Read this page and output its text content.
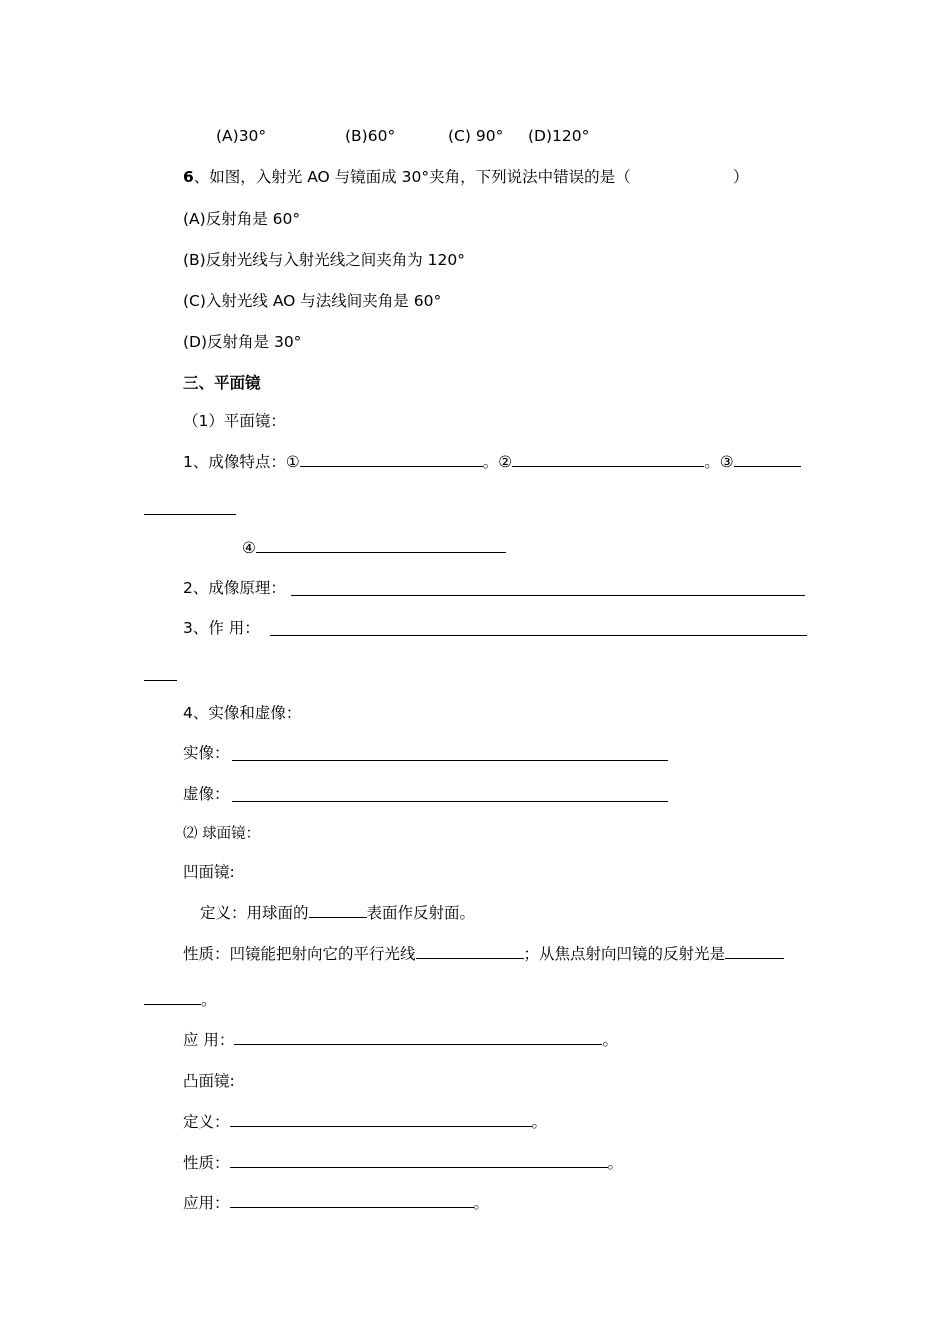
(A)30°	(B)60°	(C) 90° (D)120°
6、如图，入射光 AO 与镜面成 30°夹角，下列说法中错误的是（	）
(A)反射角是 60°
(B)反射光线与入射光线之间夹角为 120°
(C)入射光线 AO 与法线间夹角是 60°
(D)反射角是 30°
三、平面镜
（1）平面镜：
1、成像特点：①	。②	。③
④
2、成像原理：
3、作 用：
4、实像和虚像：
实像：
虚像：
⑵ 球面镜：
凹面镜:
定义：用球面的	表面作反射面。
性质：凹镜能把射向它的平行光线	；从焦点射向凹镜的反射光是
。
应 用：	。
凸面镜:
定义：	。
性质：	。
应用：	。
